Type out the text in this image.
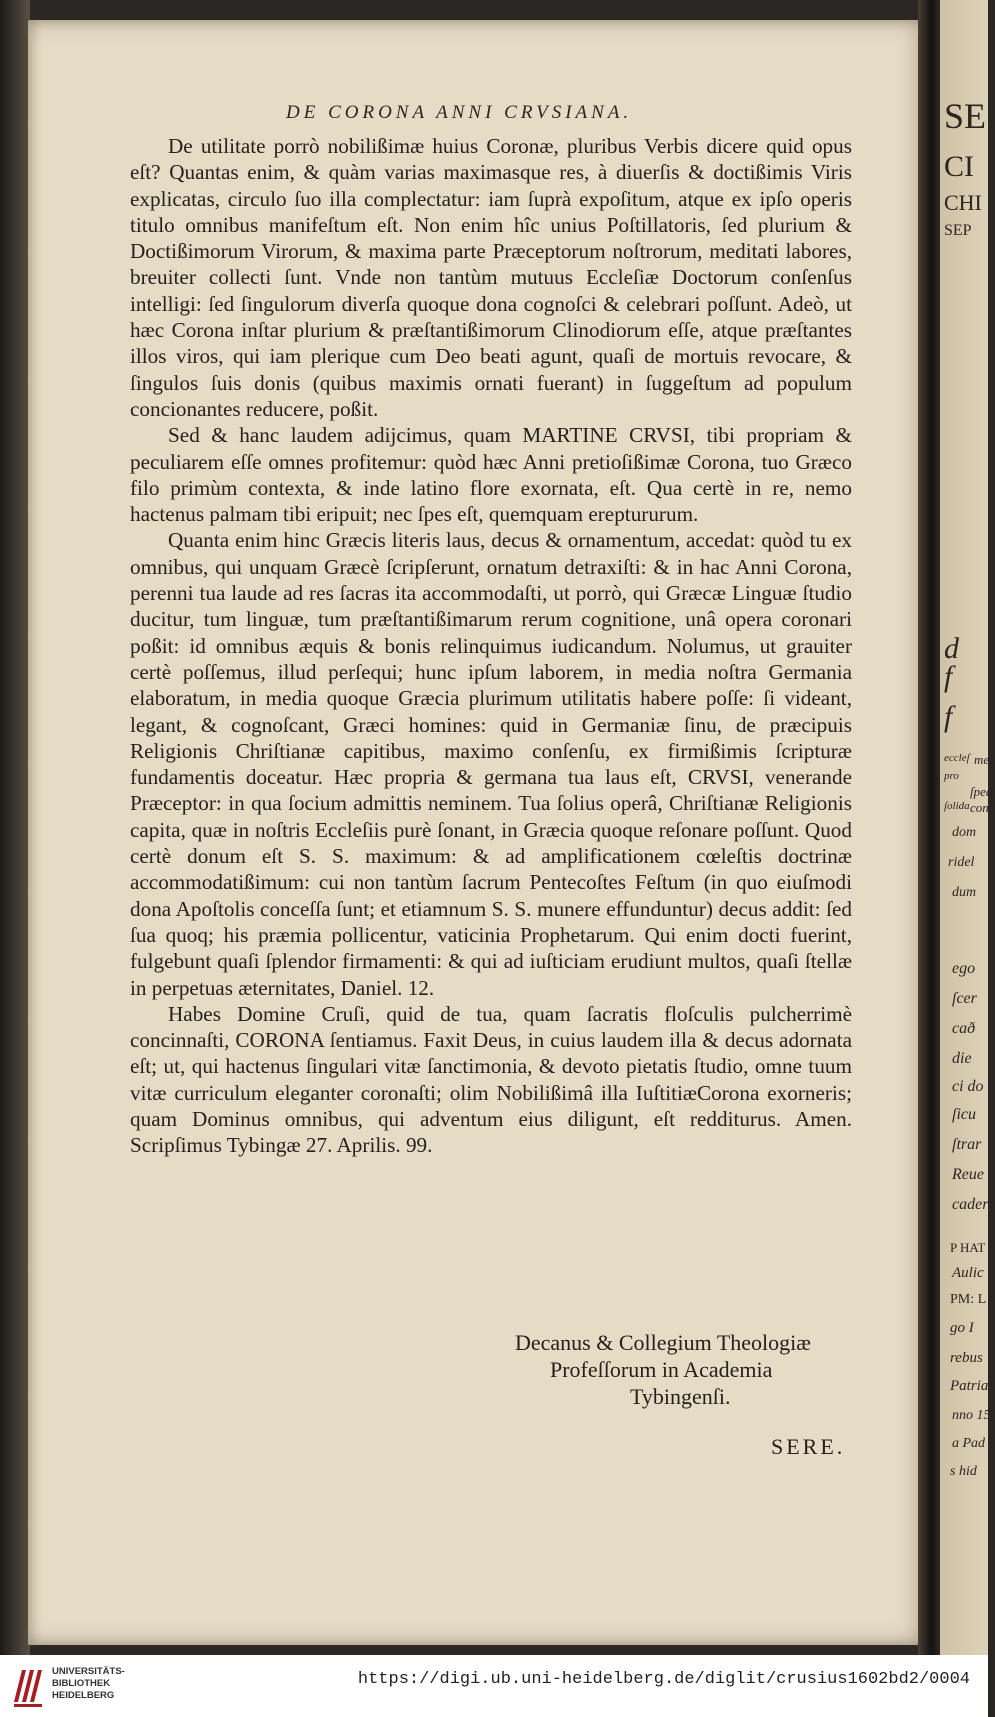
SE
CI
CHI
SEP
d
f
f
eccleſ me
pro
ſpeci
ſolida conc
dom
ridel
dum
ego
ſcer
cað
die
ci do
ſicu
ſtrar
Reue
cader
P HAT
Aulic
PM: L
go I
rebus
Patria
nno 15
a Pad
s hid
DE CORONA ANNI CRVSIANA.

De utilitate porrò nobilißimæ huius Coronæ, pluribus Verbis dicere quid opus eſt? Quantas enim, & quàm varias maximasque res, à diuerſis & doctißimis Viris explicatas, circulo ſuo illa complectatur: iam ſuprà expoſitum, atque ex ipſo operis titulo omnibus manifeſtum eſt. Non enim hîc unius Poſtillatoris, ſed plurium & Doctißimorum Virorum, & maxima parte Præceptorum noſtrorum, meditati labores, breuiter collecti ſunt. Vnde non tantùm mutuus Eccleſiæ Doctorum conſenſus intelligi: ſed ſingulorum diverſa quoque dona cognoſci & celebrari poſſunt. Adeò, ut hæc Corona inſtar plurium & præſtantißimorum Clinodiorum eſſe, atque præſtantes illos viros, qui iam plerique cum Deo beati agunt, quaſi de mortuis revocare, & ſingulos ſuis donis (quibus maximis ornati fuerant) in ſuggeſtum ad populum concionantes reducere, poßit.

Sed & hanc laudem adijcimus, quam MARTINE CRVSI, tibi propriam & peculiarem eſſe omnes profitemur: quòd hæc Anni pretioſißimæ Corona, tuo Græco filo primùm contexta, & inde latino flore exornata, eſt. Qua certè in re, nemo hactenus palmam tibi eripuit; nec ſpes eſt, quemquam ereptururum.

Quanta enim hinc Græcis literis laus, decus & ornamentum, accedat: quòd tu ex omnibus, qui unquam Græcè ſcripſerunt, ornatum detraxiſti: & in hac Anni Corona, perenni tua laude ad res ſacras ita accommodaſti, ut porrò, qui Græcæ Linguæ ſtudio ducitur, tum linguæ, tum præſtantißimarum rerum cognitione, unâ opera coronari poßit: id omnibus æquis & bonis relinquimus iudicandum. Nolumus, ut grauiter certè poſſemus, illud perſequi; hunc ipſum laborem, in media noſtra Germania elaboratum, in media quoque Græcia plurimum utilitatis habere poſſe: ſi videant, legant, & cognoſcant, Græci homines: quid in Germaniæ ſinu, de præcipuis Religionis Chriſtianæ capitibus, maximo conſenſu, ex firmißimis ſcripturæ fundamentis doceatur. Hæc propria & germana tua laus eſt, CRVSI, venerande Præceptor: in qua ſocium admittis neminem. Tua ſolius operâ, Chriſtianæ Religionis capita, quæ in noſtris Eccleſiis purè ſonant, in Græcia quoque reſonare poſſunt. Quod certè donum eſt S. S. maximum: & ad amplificationem cœleſtis doctrinæ accommodatißimum: cui non tantùm ſacrum Pentecoſtes Feſtum (in quo eiuſmodi dona Apoſtolis conceſſa ſunt; et etiamnum S. S. munere effunduntur) decus addit: ſed ſua quoq; his præmia pollicentur, vaticinia Prophetarum. Qui enim docti fuerint, fulgebunt quaſi ſplendor firmamenti: & qui ad iuſticiam erudiunt multos, quaſi ſtellæ in perpetuas æternitates, Daniel. 12.

Habes Domine Cruſi, quid de tua, quam ſacratis floſculis pulcherrimè concinnaſti, CORONA ſentiamus. Faxit Deus, in cuius laudem illa & decus adornata eſt; ut, qui hactenus ſingulari vitæ ſanctimonia, & devoto pietatis ſtudio, omne tuum vitæ curriculum eleganter coronaſti; olim Nobilißimâ illa IuſtitiæCorona exorneris; quam Dominus omnibus, qui adventum eius diligunt, eſt redditurus. Amen. Scripſimus Tybingæ 27. Aprilis. 99.

Decanus & Collegium Theologiæ
Profeſſorum in Academia
Tybingenſi.
SERE.
UNIVERSITÄTS-
BIBLIOTHEK
HEIDELBERG
https://digi.ub.uni-heidelberg.de/diglit/crusius1602bd2/0004
